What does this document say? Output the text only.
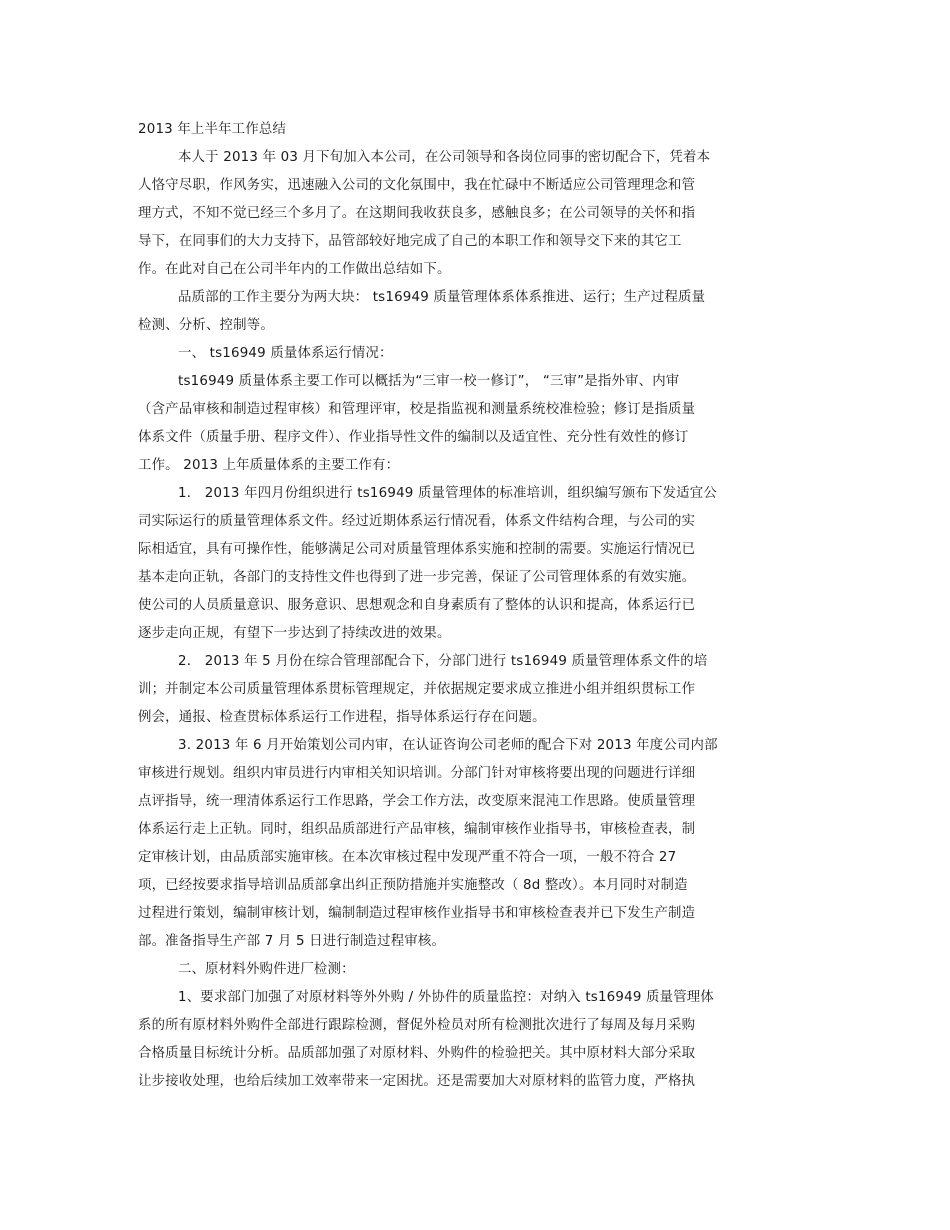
2013 年上半年工作总结
本人于 2013 年 03 月下旬加入本公司，在公司领导和各岗位同事的密切配合下，凭着本
人恪守尽职，作风务实，迅速融入公司的文化氛围中，我在忙碌中不断适应公司管理理念和管
理方式，不知不觉已经三个多月了。在这期间我收获良多，感触良多；在公司领导的关怀和指
导下，在同事们的大力支持下，品管部较好地完成了自己的本职工作和领导交下来的其它工
作。在此对自己在公司半年内的工作做出总结如下。
品质部的工作主要分为两大块： ts16949 质量管理体系体系推进、运行；生产过程质量
检测、分析、控制等。
一、 ts16949 质量体系运行情况：
ts16949 质量体系主要工作可以概括为“三审一校一修订”， “三审”是指外审、内审
（含产品审核和制造过程审核）和管理评审，校是指监视和测量系统校准检验；修订是指质量
体系文件（质量手册、程序文件）、作业指导性文件的编制以及适宜性、充分性有效性的修订
工作。 2013 上年质量体系的主要工作有：
1． 2013 年四月份组织进行 ts16949 质量管理体的标准培训，组织编写颁布下发适宜公
司实际运行的质量管理体系文件。经过近期体系运行情况看，体系文件结构合理，与公司的实
际相适宜，具有可操作性，能够满足公司对质量管理体系实施和控制的需要。实施运行情况已
基本走向正轨，各部门的支持性文件也得到了进一步完善，保证了公司管理体系的有效实施。
使公司的人员质量意识、服务意识、思想观念和自身素质有了整体的认识和提高，体系运行已
逐步走向正规，有望下一步达到了持续改进的效果。
2． 2013 年 5 月份在综合管理部配合下，分部门进行 ts16949 质量管理体系文件的培
训；并制定本公司质量管理体系贯标管理规定，并依据规定要求成立推进小组并组织贯标工作
例会，通报、检查贯标体系运行工作进程，指导体系运行存在问题。
3. 2013 年 6 月开始策划公司内审，在认证咨询公司老师的配合下对 2013 年度公司内部
审核进行规划。组织内审员进行内审相关知识培训。分部门针对审核将要出现的问题进行详细
点评指导，统一理清体系运行工作思路，学会工作方法，改变原来混沌工作思路。使质量管理
体系运行走上正轨。同时，组织品质部进行产品审核，编制审核作业指导书，审核检查表，制
定审核计划，由品质部实施审核。在本次审核过程中发现严重不符合一项，一般不符合 27
项，已经按要求指导培训品质部拿出纠正预防措施并实施整改（ 8d 整改）。本月同时对制造
过程进行策划，编制审核计划，编制制造过程审核作业指导书和审核检查表并已下发生产制造
部。准备指导生产部 7 月 5 日进行制造过程审核。
二、原材料外购件进厂检测：
1、要求部门加强了对原材料等外外购 / 外协件的质量监控：对纳入 ts16949 质量管理体
系的所有原材料外购件全部进行跟踪检测，督促外检员对所有检测批次进行了每周及每月采购
合格质量目标统计分析。品质部加强了对原材料、外购件的检验把关。其中原材料大部分采取
让步接收处理，也给后续加工效率带来一定困扰。还是需要加大对原材料的监管力度，严格执
